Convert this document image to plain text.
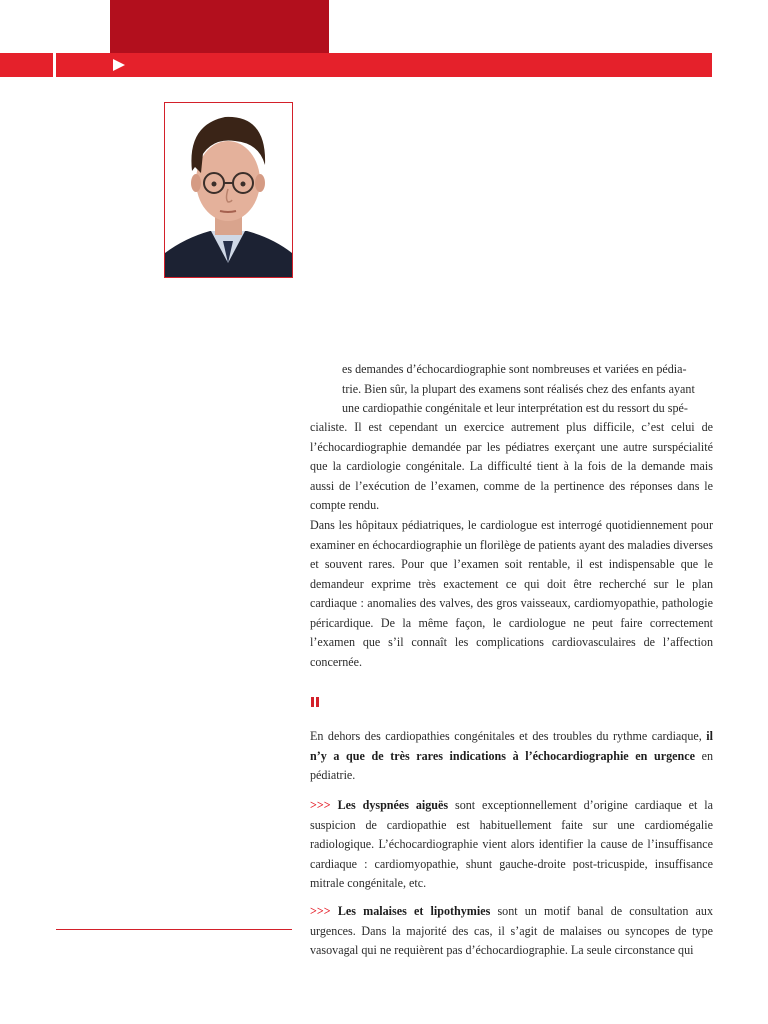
es demandes d’échocardiographie sont nombreuses et variées en pédia-

trie. Bien sûr, la plupart des examens sont réalisés chez des enfants ayant

une cardiopathie congénitale et leur interprétation est du ressort du spé-

cialiste. Il est cependant un exercice autrement plus difficile, c’est celui de l’échocardiographie demandée par les pédiatres exerçant une autre surspécialité que la cardiologie congénitale. La difficulté tient à la fois de la demande mais aussi de l’exécution de l’examen, comme de la pertinence des réponses dans le compte rendu.

Dans les hôpitaux pédiatriques, le cardiologue est interrogé quotidiennement pour examiner en échocardiographie un florilège de patients ayant des maladies diverses et souvent rares. Pour que l’examen soit rentable, il est indispensable que le demandeur exprime très exactement ce qui doit être recherché sur le plan cardiaque : anomalies des valves, des gros vaisseaux, cardiomyopathie, pathologie péricardique. De la même façon, le cardiologue ne peut faire correctement l’examen que s’il connaît les complications cardiovasculaires de l’affection concernée.

En dehors des cardiopathies congénitales et des troubles du rythme cardiaque, il n’y a que de très rares indications à l’échocardiographie en urgence en pédiatrie.

>>> Les dyspnées aiguës sont exceptionnellement d’origine cardiaque et la suspicion de cardiopathie est habituellement faite sur une cardiomégalie radiologique. L’échocardiographie vient alors identifier la cause de l’insuffisance cardiaque : cardiomyopathie, shunt gauche-droite post-tricuspide, insuffisance mitrale congénitale, etc.

>>> Les malaises et lipothymies sont un motif banal de consultation aux urgences. Dans la majorité des cas, il s’agit de malaises ou syncopes de type vasovagal qui ne requièrent pas d’échocardiographie. La seule circonstance qui
